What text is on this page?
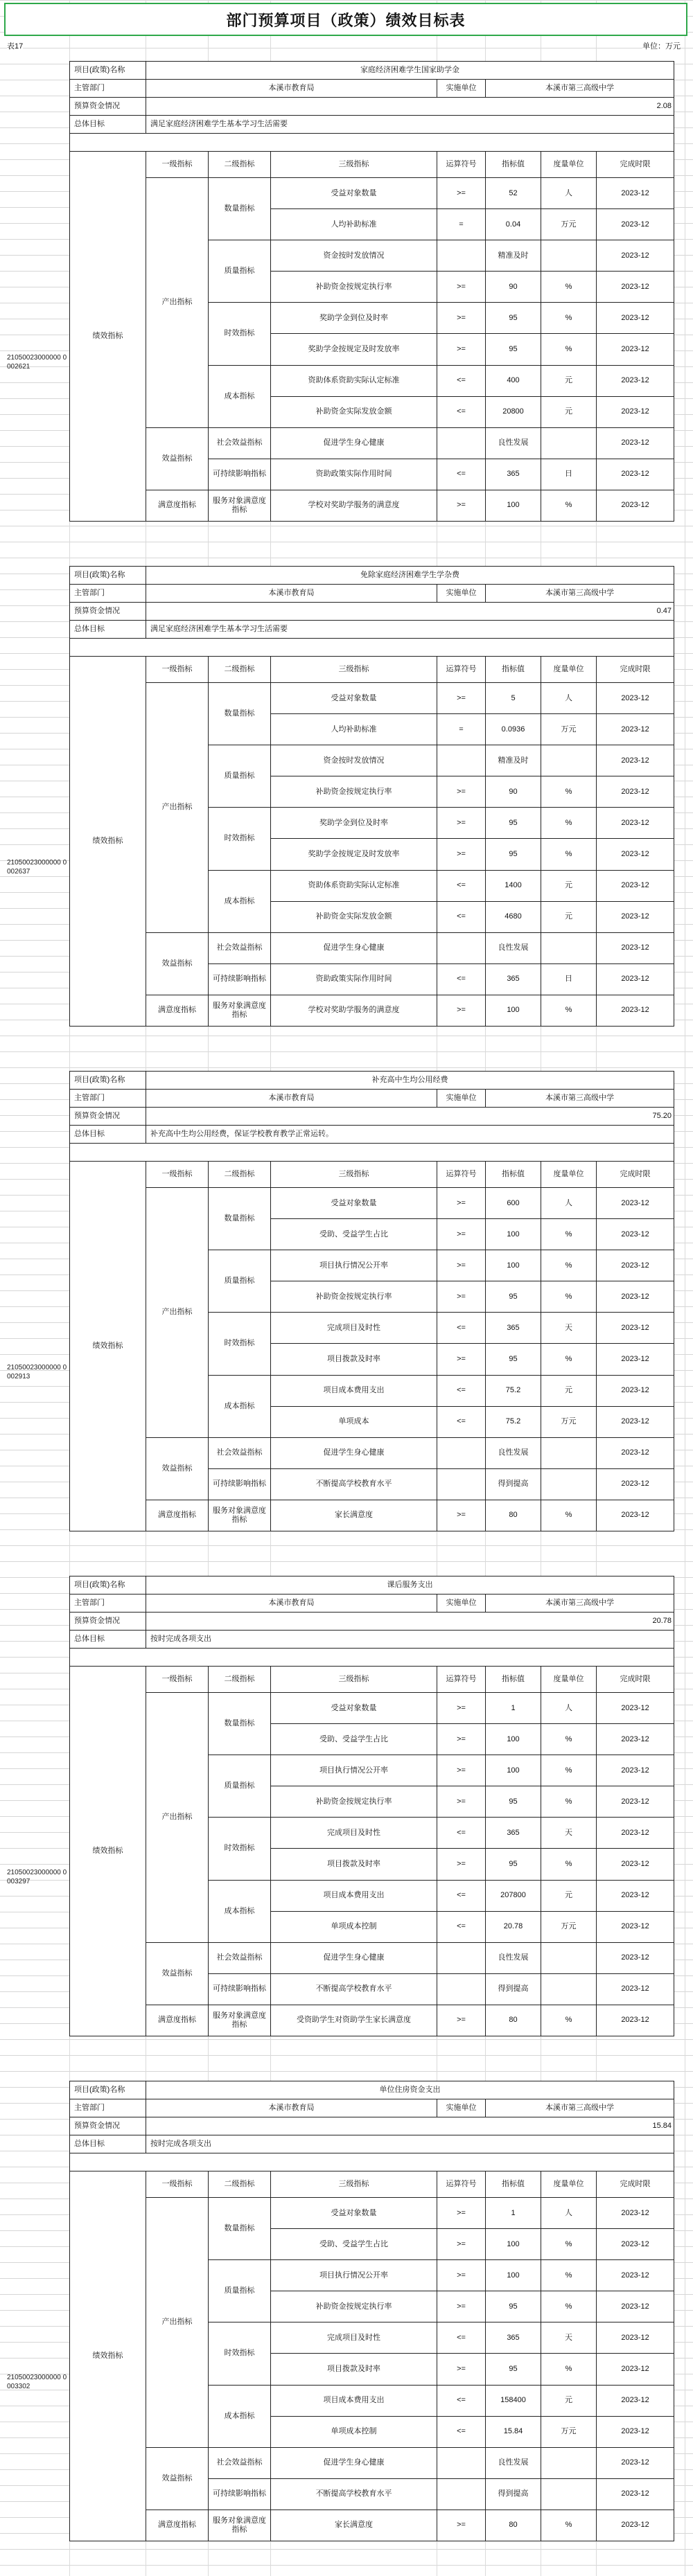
部门预算项目（政策）绩效目标表
表17	单位：万元
21050023000000 0002621
项目(政策)名称	家庭经济困难学生国家助学金
主管部门	本溪市教育局	实施单位	本溪市第三高级中学
预算资金情况	2.08
总体目标	满足家庭经济困难学生基本学习生活需要

绩效指标	一级指标	二级指标	三级指标	运算符号	指标值	度量单位	完成时限
产出指标	数量指标	受益对象数量	>=	52	人	2023-12
人均补助标准	=	0.04	万元	2023-12
质量指标	资金按时发放情况		精准及时		2023-12
补助资金按规定执行率	>=	90	%	2023-12
时效指标	奖助学金到位及时率	>=	95	%	2023-12
奖助学金按规定及时发放率	>=	95	%	2023-12
成本指标	资助体系资助实际认定标准	<=	400	元	2023-12
补助资金实际发放金额	<=	20800	元	2023-12
效益指标	社会效益指标	促进学生身心健康		良性发展		2023-12
可持续影响指标	资助政策实际作用时间	<=	365	日	2023-12
满意度指标	服务对象满意度指标	学校对奖助学服务的满意度	>=	100	%	2023-12
21050023000000 0002637
项目(政策)名称	免除家庭经济困难学生学杂费
主管部门	本溪市教育局	实施单位	本溪市第三高级中学
预算资金情况	0.47
总体目标	满足家庭经济困难学生基本学习生活需要

绩效指标	一级指标	二级指标	三级指标	运算符号	指标值	度量单位	完成时限
产出指标	数量指标	受益对象数量	>=	5	人	2023-12
人均补助标准	=	0.0936	万元	2023-12
质量指标	资金按时发放情况		精准及时		2023-12
补助资金按规定执行率	>=	90	%	2023-12
时效指标	奖助学金到位及时率	>=	95	%	2023-12
奖助学金按规定及时发放率	>=	95	%	2023-12
成本指标	资助体系资助实际认定标准	<=	1400	元	2023-12
补助资金实际发放金额	<=	4680	元	2023-12
效益指标	社会效益指标	促进学生身心健康		良性发展		2023-12
可持续影响指标	资助政策实际作用时间	<=	365	日	2023-12
满意度指标	服务对象满意度指标	学校对奖助学服务的满意度	>=	100	%	2023-12
21050023000000 0002913
项目(政策)名称	补充高中生均公用经费
主管部门	本溪市教育局	实施单位	本溪市第三高级中学
预算资金情况	75.20
总体目标	补充高中生均公用经费，保证学校教育教学正常运转。

绩效指标	一级指标	二级指标	三级指标	运算符号	指标值	度量单位	完成时限
产出指标	数量指标	受益对象数量	>=	600	人	2023-12
受助、受益学生占比	>=	100	%	2023-12
质量指标	项目执行情况公开率	>=	100	%	2023-12
补助资金按规定执行率	>=	95	%	2023-12
时效指标	完成项目及时性	<=	365	天	2023-12
项目拨款及时率	>=	95	%	2023-12
成本指标	项目成本费用支出	<=	75.2	元	2023-12
单项成本	<=	75.2	万元	2023-12
效益指标	社会效益指标	促进学生身心健康		良性发展		2023-12
可持续影响指标	不断提高学校教育水平		得到提高		2023-12
满意度指标	服务对象满意度指标	家长满意度	>=	80	%	2023-12
21050023000000 0003297
项目(政策)名称	课后服务支出
主管部门	本溪市教育局	实施单位	本溪市第三高级中学
预算资金情况	20.78
总体目标	按时完成各项支出

绩效指标	一级指标	二级指标	三级指标	运算符号	指标值	度量单位	完成时限
产出指标	数量指标	受益对象数量	>=	1	人	2023-12
受助、受益学生占比	>=	100	%	2023-12
质量指标	项目执行情况公开率	>=	100	%	2023-12
补助资金按规定执行率	>=	95	%	2023-12
时效指标	完成项目及时性	<=	365	天	2023-12
项目拨款及时率	>=	95	%	2023-12
成本指标	项目成本费用支出	<=	207800	元	2023-12
单项成本控制	<=	20.78	万元	2023-12
效益指标	社会效益指标	促进学生身心健康		良性发展		2023-12
可持续影响指标	不断提高学校教育水平		得到提高		2023-12
满意度指标	服务对象满意度指标	受资助学生对资助学生家长满意度	>=	80	%	2023-12
21050023000000 0003302
项目(政策)名称	单位住房资金支出
主管部门	本溪市教育局	实施单位	本溪市第三高级中学
预算资金情况	15.84
总体目标	按时完成各项支出

绩效指标	一级指标	二级指标	三级指标	运算符号	指标值	度量单位	完成时限
产出指标	数量指标	受益对象数量	>=	1	人	2023-12
受助、受益学生占比	>=	100	%	2023-12
质量指标	项目执行情况公开率	>=	100	%	2023-12
补助资金按规定执行率	>=	95	%	2023-12
时效指标	完成项目及时性	<=	365	天	2023-12
项目拨款及时率	>=	95	%	2023-12
成本指标	项目成本费用支出	<=	158400	元	2023-12
单项成本控制	<=	15.84	万元	2023-12
效益指标	社会效益指标	促进学生身心健康		良性发展		2023-12
可持续影响指标	不断提高学校教育水平		得到提高		2023-12
满意度指标	服务对象满意度指标	家长满意度	>=	80	%	2023-12
